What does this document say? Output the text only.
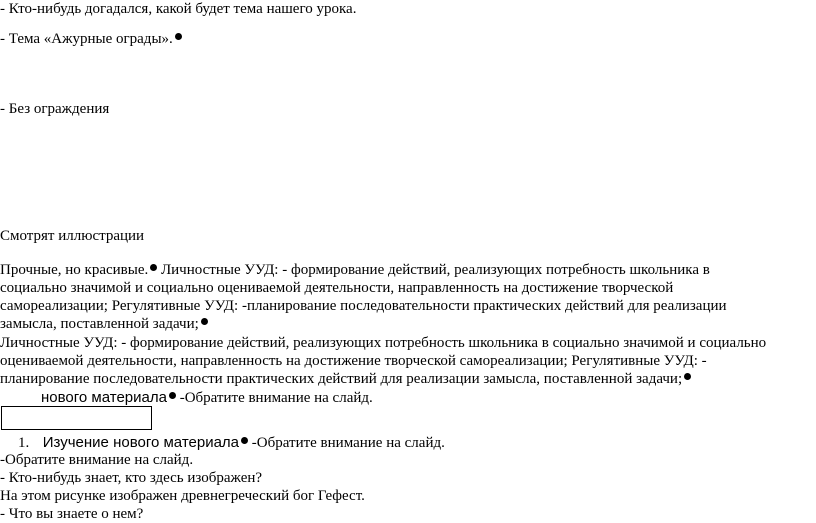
- Кто-нибудь догадался, какой будет тема нашего урока.
- Тема «Ажурные ограды».
- Без ограждения
Смотрят иллюстрации
Прочные, но красивые. Личностные УУД: - формирование действий, реализующих потребность школьника в
социально значимой и социально оцениваемой деятельности, направленность на достижение творческой
самореализации; Регулятивные УУД: -планирование последовательности практических действий для реализации
замысла, поставленной задачи;
Личностные УУД: - формирование действий, реализующих потребность школьника в социально значимой и социально
оцениваемой деятельности, направленность на достижение творческой самореализации; Регулятивные УУД: -
планирование последовательности практических действий для реализации замысла, поставленной задачи;
нового материала -Обратите внимание на слайд.
1. Изучение нового материала -Обратите внимание на слайд.
-Обратите внимание на слайд.
- Кто-нибудь знает, кто здесь изображен?
На этом рисунке изображен древнегреческий бог Гефест.
- Что вы знаете о нем?
